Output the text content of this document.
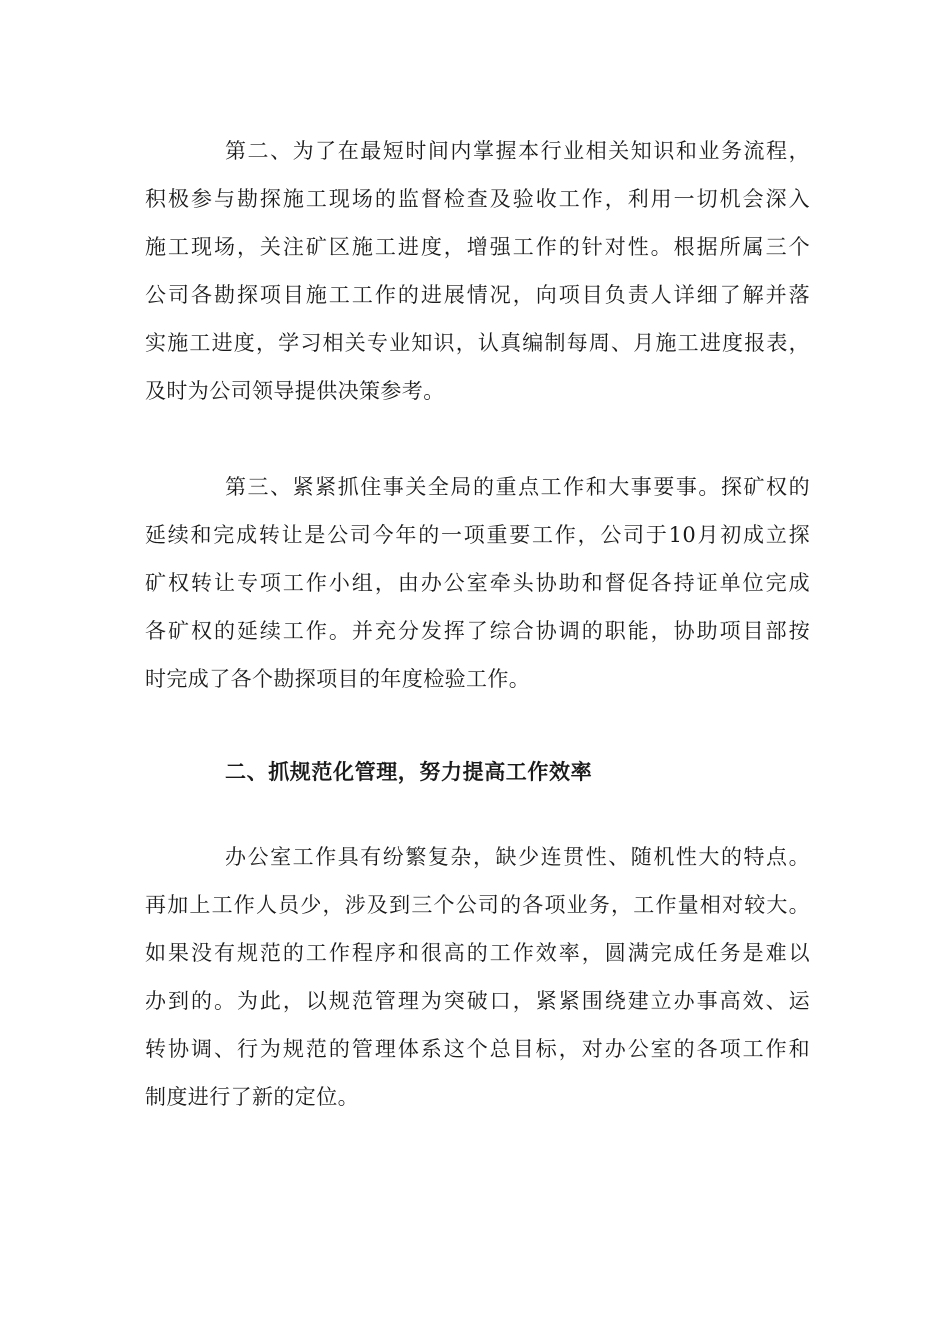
第二、为了在最短时间内掌握本行业相关知识和业务流程，
积极参与勘探施工现场的监督检查及验收工作，利用一切机会深入
施工现场，关注矿区施工进度，增强工作的针对性。根据所属三个
公司各勘探项目施工工作的进展情况，向项目负责人详细了解并落
实施工进度，学习相关专业知识，认真编制每周、月施工进度报表，
及时为公司领导提供决策参考。
第三、紧紧抓住事关全局的重点工作和大事要事。探矿权的
延续和完成转让是公司今年的一项重要工作，公司于10月初成立探
矿权转让专项工作小组，由办公室牵头协助和督促各持证单位完成
各矿权的延续工作。并充分发挥了综合协调的职能，协助项目部按
时完成了各个勘探项目的年度检验工作。
二、抓规范化管理，努力提高工作效率
办公室工作具有纷繁复杂，缺少连贯性、随机性大的特点。
再加上工作人员少，涉及到三个公司的各项业务，工作量相对较大。
如果没有规范的工作程序和很高的工作效率，圆满完成任务是难以
办到的。为此，以规范管理为突破口，紧紧围绕建立办事高效、运
转协调、行为规范的管理体系这个总目标，对办公室的各项工作和
制度进行了新的定位。
